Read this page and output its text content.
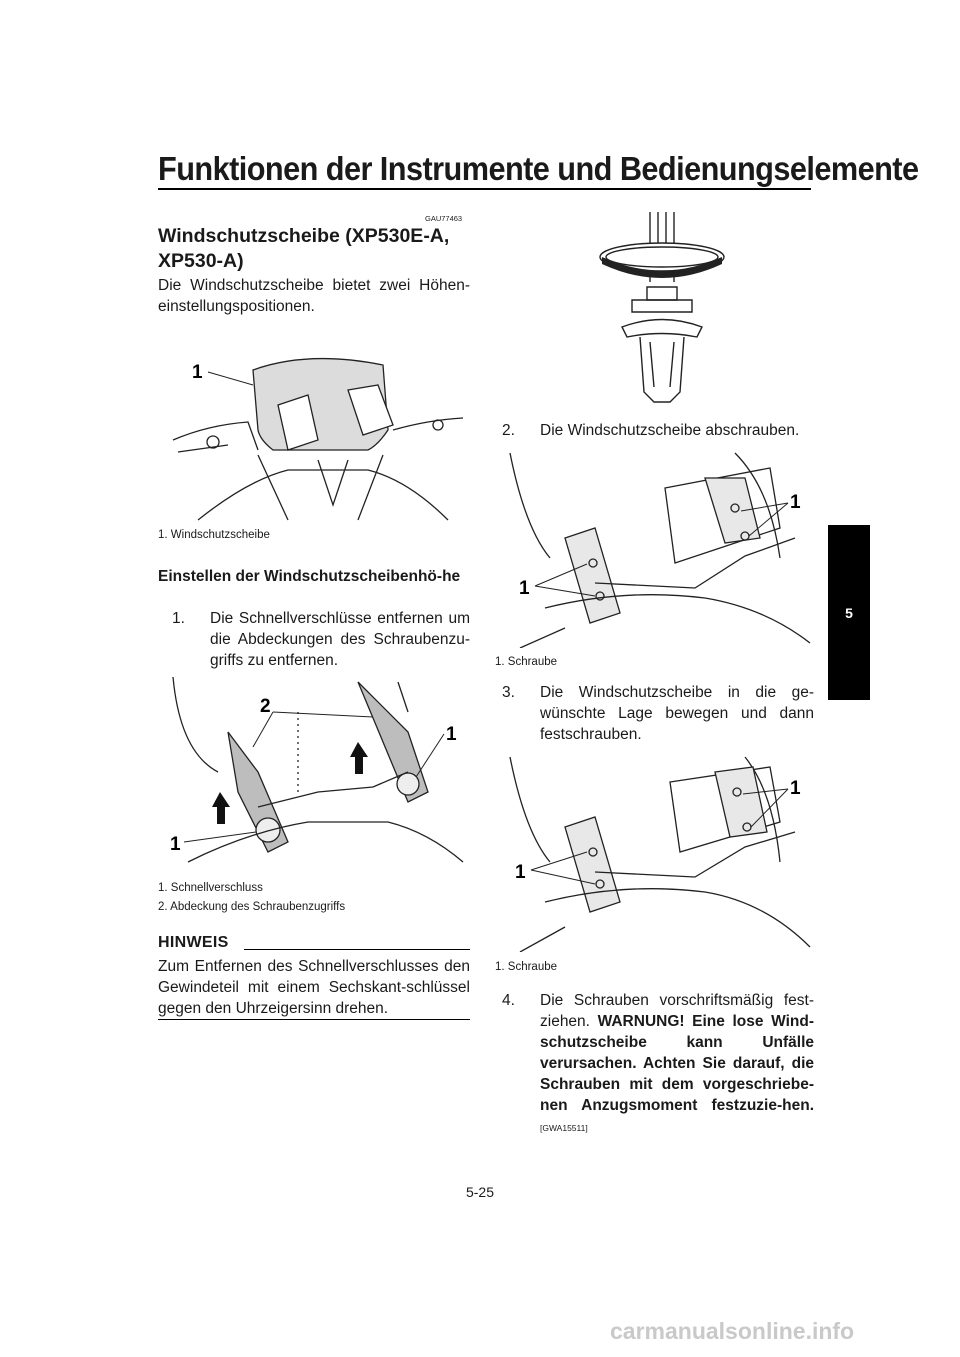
Funktionen der Instrumente und Bedienungselemente
5
GAU77463
Windschutzscheibe (XP530E-A, XP530-A)
Die Windschutzscheibe bietet zwei Höhen-einstellungspositionen.
1
1. Windschutzscheibe
Einstellen der Windschutzscheibenhö-he
1. Die Schnellverschlüsse entfernen um die Abdeckungen des Schraubenzu-griffs zu entfernen.
2
1
1
1. Schnellverschluss
2. Abdeckung des Schraubenzugriffs
HINWEIS
Zum Entfernen des Schnellverschlusses den Gewindeteil mit einem Sechskant-schlüssel gegen den Uhrzeigersinn drehen.
2. Die Windschutzscheibe abschrauben.
1
1
1. Schraube
3. Die Windschutzscheibe in die ge-wünschte Lage bewegen und dann festschrauben.
1
1
1. Schraube
4. Die Schrauben vorschriftsmäßig fest-ziehen. WARNUNG! Eine lose Wind-schutzscheibe kann Unfälle verursachen. Achten Sie darauf, die Schrauben mit dem vorgeschriebe-nen Anzugsmoment festzuzie-hen.[GWA15511]
5-25
carmanualsonline.info
